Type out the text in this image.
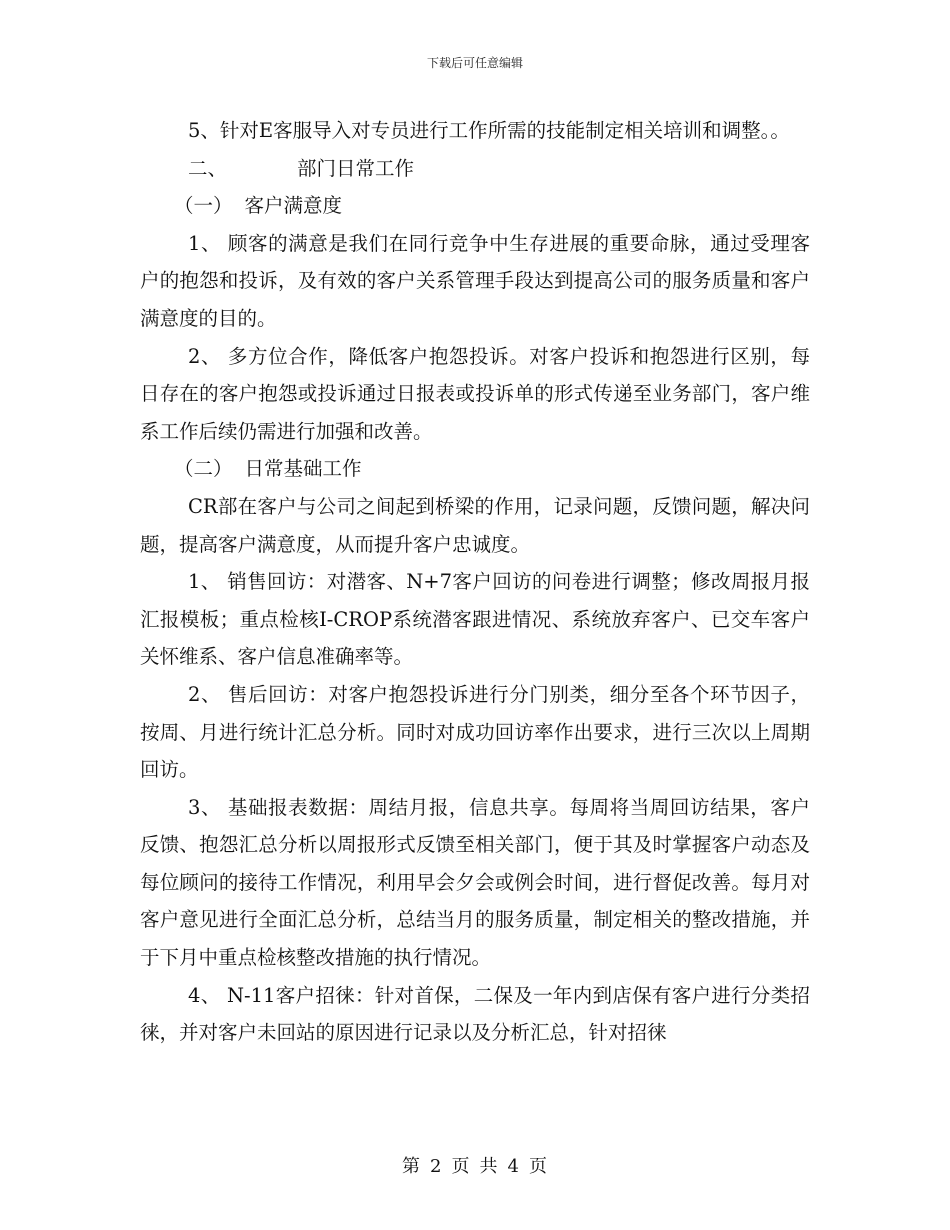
下载后可任意编辑

5、针对E客服导入对专员进行工作所需的技能制定相关培训和调整。。

二、	部门日常工作

（一） 客户满意度

1、 顾客的满意是我们在同行竞争中生存进展的重要命脉，通过受理客户的抱怨和投诉，及有效的客户关系管理手段达到提高公司的服务质量和客户满意度的目的。

2、 多方位合作，降低客户抱怨投诉。对客户投诉和抱怨进行区别，每日存在的客户抱怨或投诉通过日报表或投诉单的形式传递至业务部门，客户维系工作后续仍需进行加强和改善。

（二） 日常基础工作

CR部在客户与公司之间起到桥梁的作用，记录问题，反馈问题，解决问题，提高客户满意度，从而提升客户忠诚度。

1、 销售回访：对潜客、N+7客户回访的问卷进行调整；修改周报月报汇报模板；重点检核I-CROP系统潜客跟进情况、系统放弃客户、已交车客户关怀维系、客户信息准确率等。

2、 售后回访：对客户抱怨投诉进行分门别类，细分至各个环节因子，按周、月进行统计汇总分析。同时对成功回访率作出要求，进行三次以上周期回访。

3、 基础报表数据：周结月报，信息共享。每周将当周回访结果，客户反馈、抱怨汇总分析以周报形式反馈至相关部门，便于其及时掌握客户动态及每位顾问的接待工作情况，利用早会夕会或例会时间，进行督促改善。每月对客户意见进行全面汇总分析，总结当月的服务质量，制定相关的整改措施，并于下月中重点检核整改措施的执行情况。

4、 N-11客户招徕：针对首保，二保及一年内到店保有客户进行分类招徕，并对客户未回站的原因进行记录以及分析汇总，针对招徕

第 2 页 共 4 页
